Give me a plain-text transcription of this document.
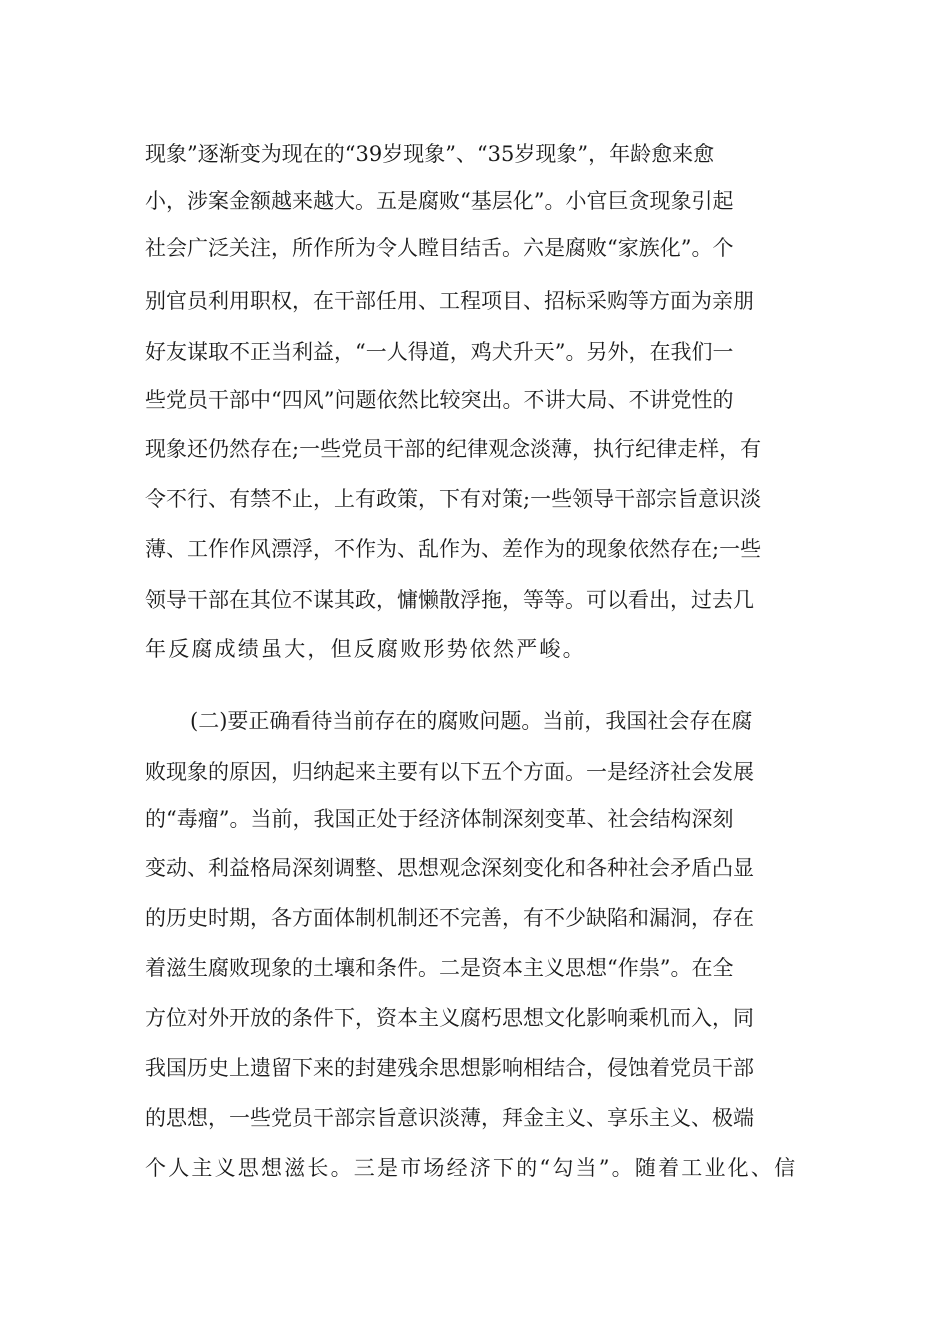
现象”逐渐变为现在的“39岁现象”、“35岁现象”，年龄愈来愈
小，涉案金额越来越大。五是腐败“基层化”。小官巨贪现象引起
社会广泛关注，所作所为令人瞠目结舌。六是腐败“家族化”。个
别官员利用职权，在干部任用、工程项目、招标采购等方面为亲朋
好友谋取不正当利益，“一人得道，鸡犬升天”。另外，在我们一
些党员干部中“四风”问题依然比较突出。不讲大局、不讲党性的
现象还仍然存在;一些党员干部的纪律观念淡薄，执行纪律走样，有
令不行、有禁不止，上有政策，下有对策;一些领导干部宗旨意识淡
薄、工作作风漂浮，不作为、乱作为、差作为的现象依然存在;一些
领导干部在其位不谋其政，慵懒散浮拖，等等。可以看出，过去几
年反腐成绩虽大，但反腐败形势依然严峻。
(二)要正确看待当前存在的腐败问题。当前，我国社会存在腐
败现象的原因，归纳起来主要有以下五个方面。一是经济社会发展
的“毒瘤”。当前，我国正处于经济体制深刻变革、社会结构深刻
变动、利益格局深刻调整、思想观念深刻变化和各种社会矛盾凸显
的历史时期，各方面体制机制还不完善，有不少缺陷和漏洞，存在
着滋生腐败现象的土壤和条件。二是资本主义思想“作祟”。在全
方位对外开放的条件下，资本主义腐朽思想文化影响乘机而入，同
我国历史上遗留下来的封建残余思想影响相结合，侵蚀着党员干部
的思想，一些党员干部宗旨意识淡薄，拜金主义、享乐主义、极端
个人主义思想滋长。三是市场经济下的“勾当”。随着工业化、信
